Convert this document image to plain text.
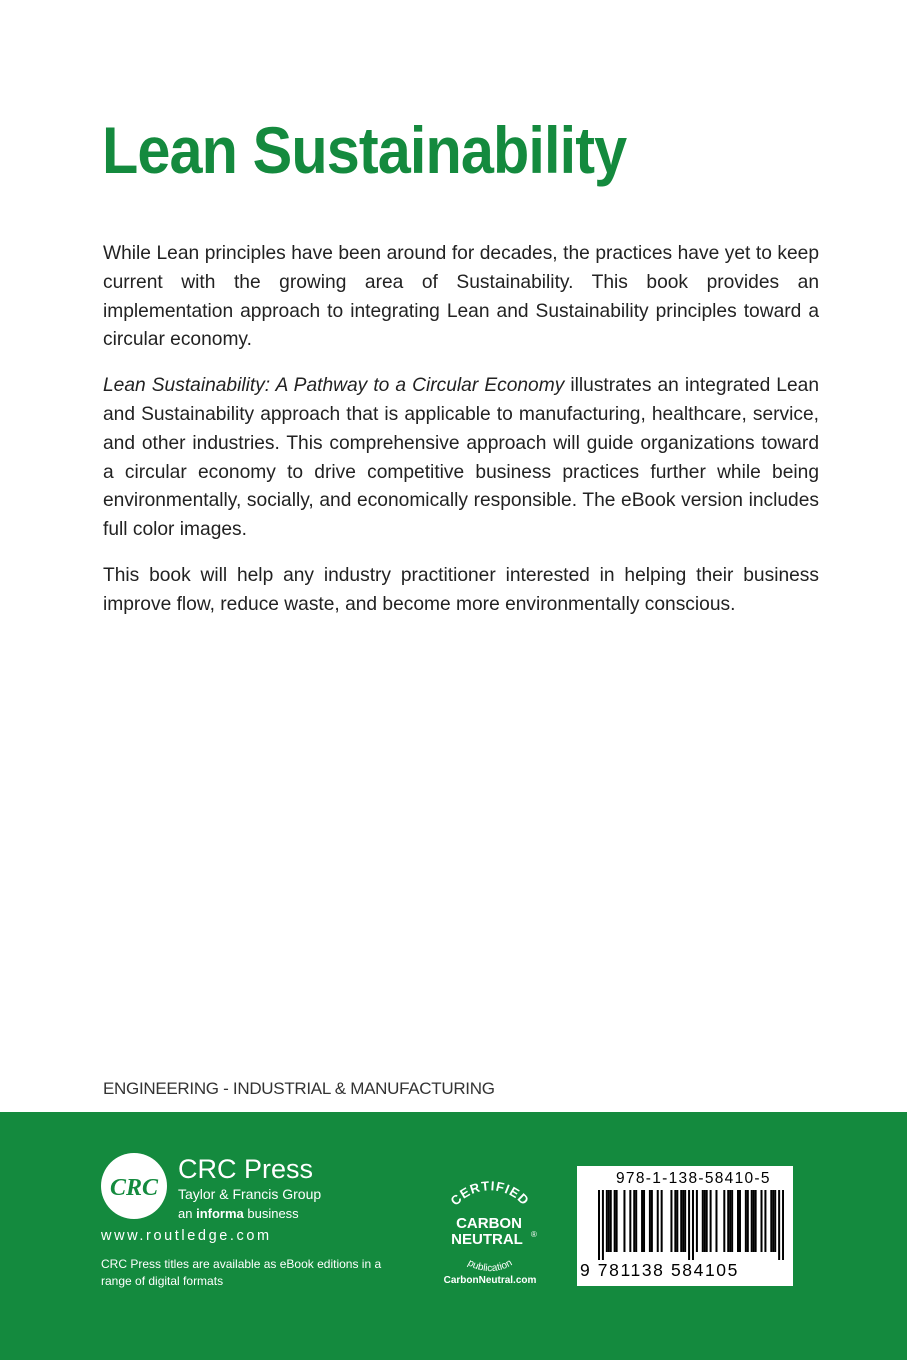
Lean Sustainability

While Lean principles have been around for decades, the practices have yet to keep current with the growing area of Sustainability. This book provides an implementation approach to integrating Lean and Sustainability principles toward a circular economy.

Lean Sustainability: A Pathway to a Circular Economy illustrates an integrated Lean and Sustainability approach that is applicable to manufacturing, healthcare, service, and other industries. This comprehensive approach will guide organizations toward a circular economy to drive competitive business practices further while being environmentally, socially, and economically responsible. The eBook version includes full color images.

This book will help any industry practitioner interested in helping their business improve flow, reduce waste, and become more environmentally conscious.

ENGINEERING - INDUSTRIAL & MANUFACTURING
CRC
CRC Press
Taylor & Francis Group
an informa business
www.routledge.com
CRC Press titles are available as eBook editions in a range of digital formats
CERTIFIED
CARBON
NEUTRAL ®
publication
CarbonNeutral.com
978-1-138-58410-5
9 781138 584105
